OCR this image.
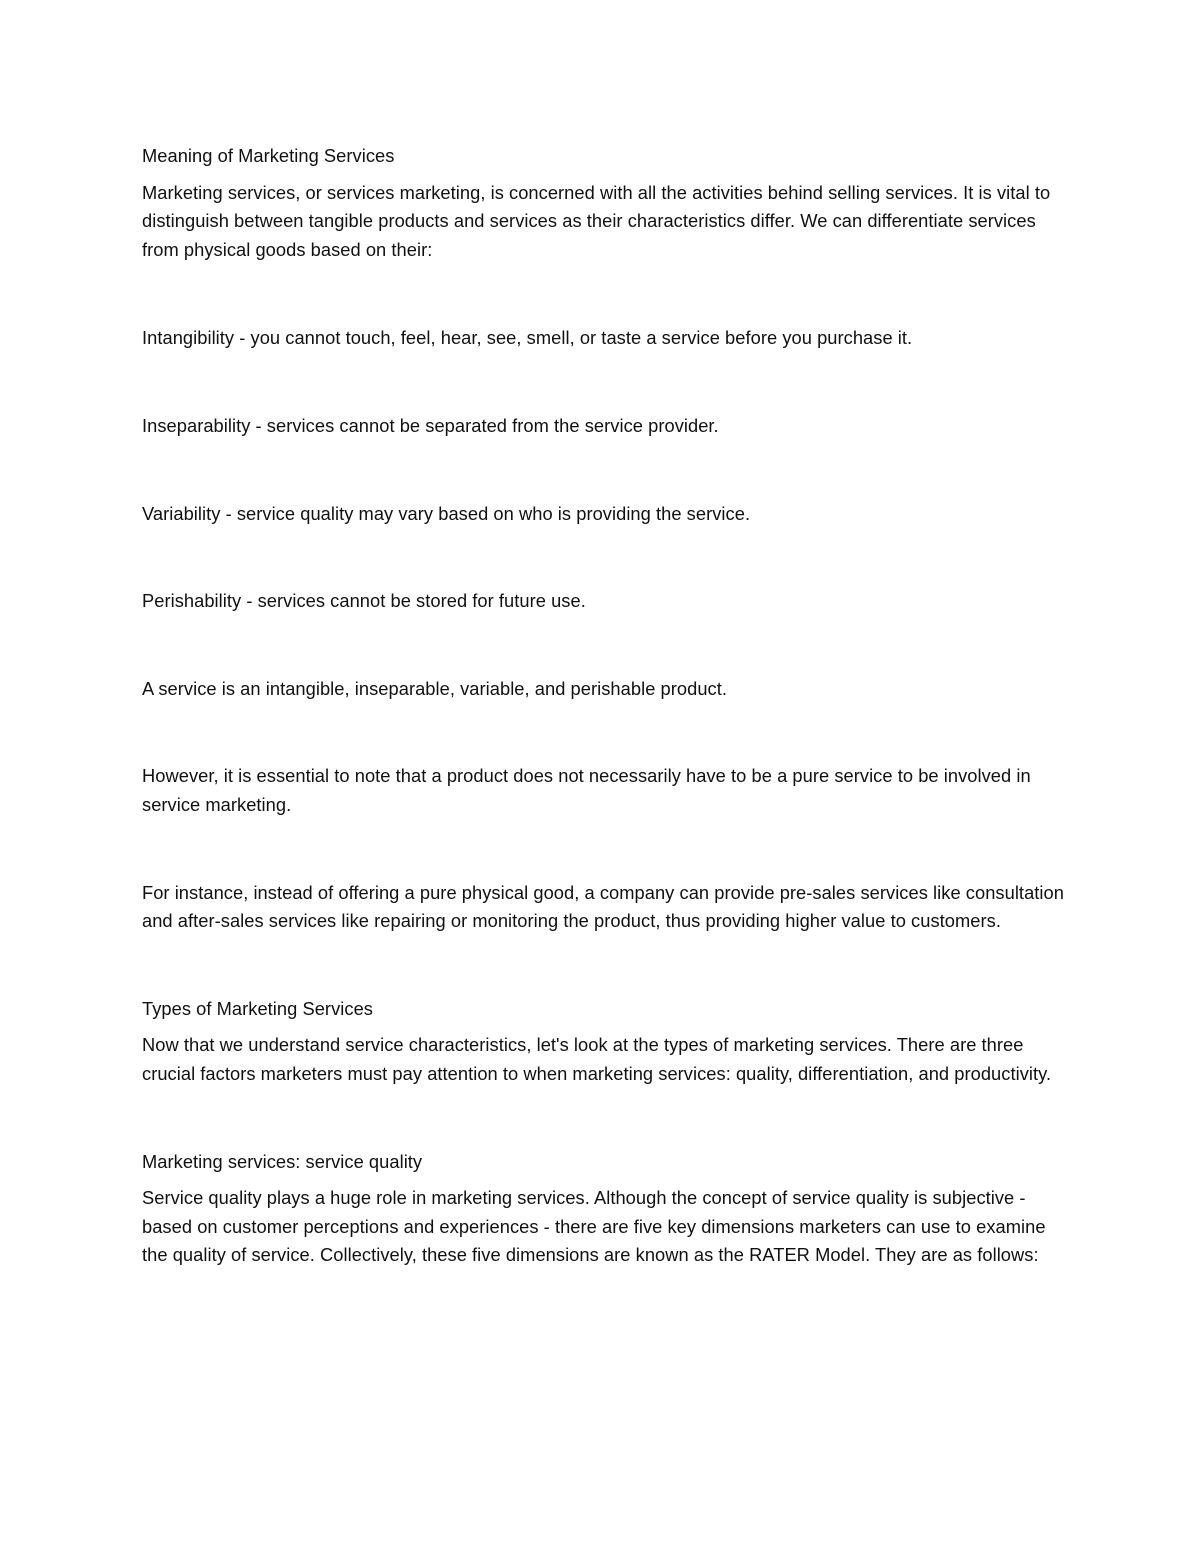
Meaning of Marketing Services

Marketing services, or services marketing, is concerned with all the activities behind selling services. It is vital to distinguish between tangible products and services as their characteristics differ. We can differentiate services from physical goods based on their:

Intangibility - you cannot touch, feel, hear, see, smell, or taste a service before you purchase it.

Inseparability - services cannot be separated from the service provider.

Variability - service quality may vary based on who is providing the service.

Perishability - services cannot be stored for future use.

A service is an intangible, inseparable, variable, and perishable product.

However, it is essential to note that a product does not necessarily have to be a pure service to be involved in service marketing.

For instance, instead of offering a pure physical good, a company can provide pre-sales services like consultation and after-sales services like repairing or monitoring the product, thus providing higher value to customers.

Types of Marketing Services

Now that we understand service characteristics, let's look at the types of marketing services. There are three crucial factors marketers must pay attention to when marketing services: quality, differentiation, and productivity.

Marketing services: service quality

Service quality plays a huge role in marketing services. Although the concept of service quality is subjective - based on customer perceptions and experiences - there are five key dimensions marketers can use to examine the quality of service. Collectively, these five dimensions are known as the RATER Model. They are as follows:
